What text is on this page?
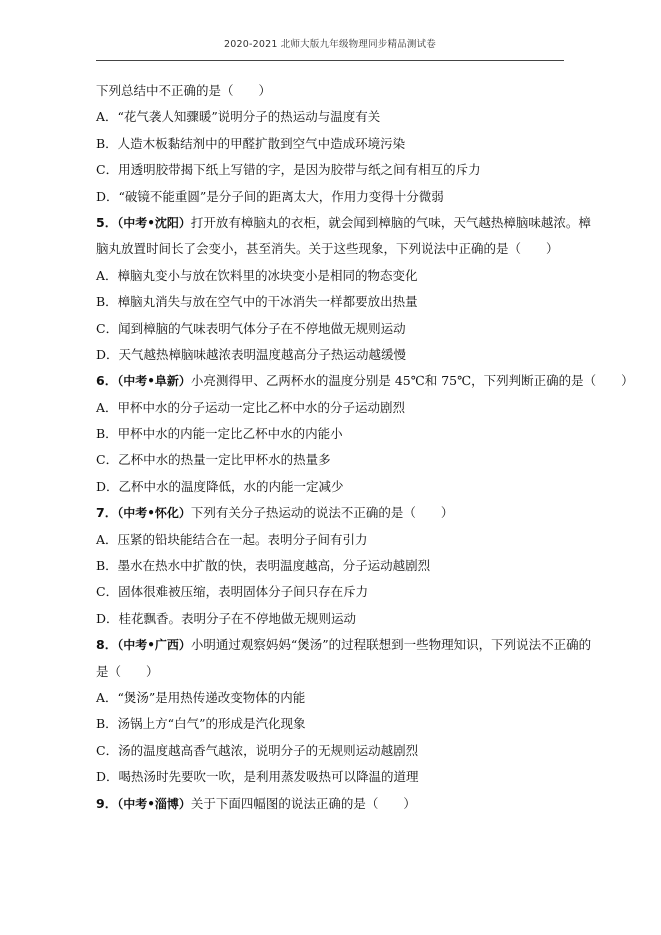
2020-2021 北师大版九年级物理同步精品测试卷
下列总结中不正确的是（　　）
A．“花气袭人知骤暖”说明分子的热运动与温度有关
B．人造木板黏结剂中的甲醛扩散到空气中造成环境污染
C．用透明胶带揭下纸上写错的字，是因为胶带与纸之间有相互的斥力
D．“破镜不能重圆”是分子间的距离太大，作用力变得十分微弱
5．（中考•沈阳）打开放有樟脑丸的衣柜，就会闻到樟脑的气味，天气越热樟脑味越浓。樟
脑丸放置时间长了会变小，甚至消失。关于这些现象，下列说法中正确的是（　　）
A．樟脑丸变小与放在饮料里的冰块变小是相同的物态变化
B．樟脑丸消失与放在空气中的干冰消失一样都要放出热量
C．闻到樟脑的气味表明气体分子在不停地做无规则运动
D．天气越热樟脑味越浓表明温度越高分子热运动越缓慢
6．（中考•阜新）小亮测得甲、乙两杯水的温度分别是 45℃和 75℃，下列判断正确的是（　　）
A．甲杯中水的分子运动一定比乙杯中水的分子运动剧烈
B．甲杯中水的内能一定比乙杯中水的内能小
C．乙杯中水的热量一定比甲杯水的热量多
D．乙杯中水的温度降低，水的内能一定减少
7．（中考•怀化）下列有关分子热运动的说法不正确的是（　　）
A．压紧的铅块能结合在一起。表明分子间有引力
B．墨水在热水中扩散的快，表明温度越高，分子运动越剧烈
C．固体很难被压缩，表明固体分子间只存在斥力
D．桂花飘香。表明分子在不停地做无规则运动
8．（中考•广西）小明通过观察妈妈“煲汤”的过程联想到一些物理知识，下列说法不正确的
是（　　）
A．“煲汤”是用热传递改变物体的内能
B．汤锅上方“白气”的形成是汽化现象
C．汤的温度越高香气越浓，说明分子的无规则运动越剧烈
D．喝热汤时先要吹一吹，是利用蒸发吸热可以降温的道理
9．（中考•淄博）关于下面四幅图的说法正确的是（　　）
